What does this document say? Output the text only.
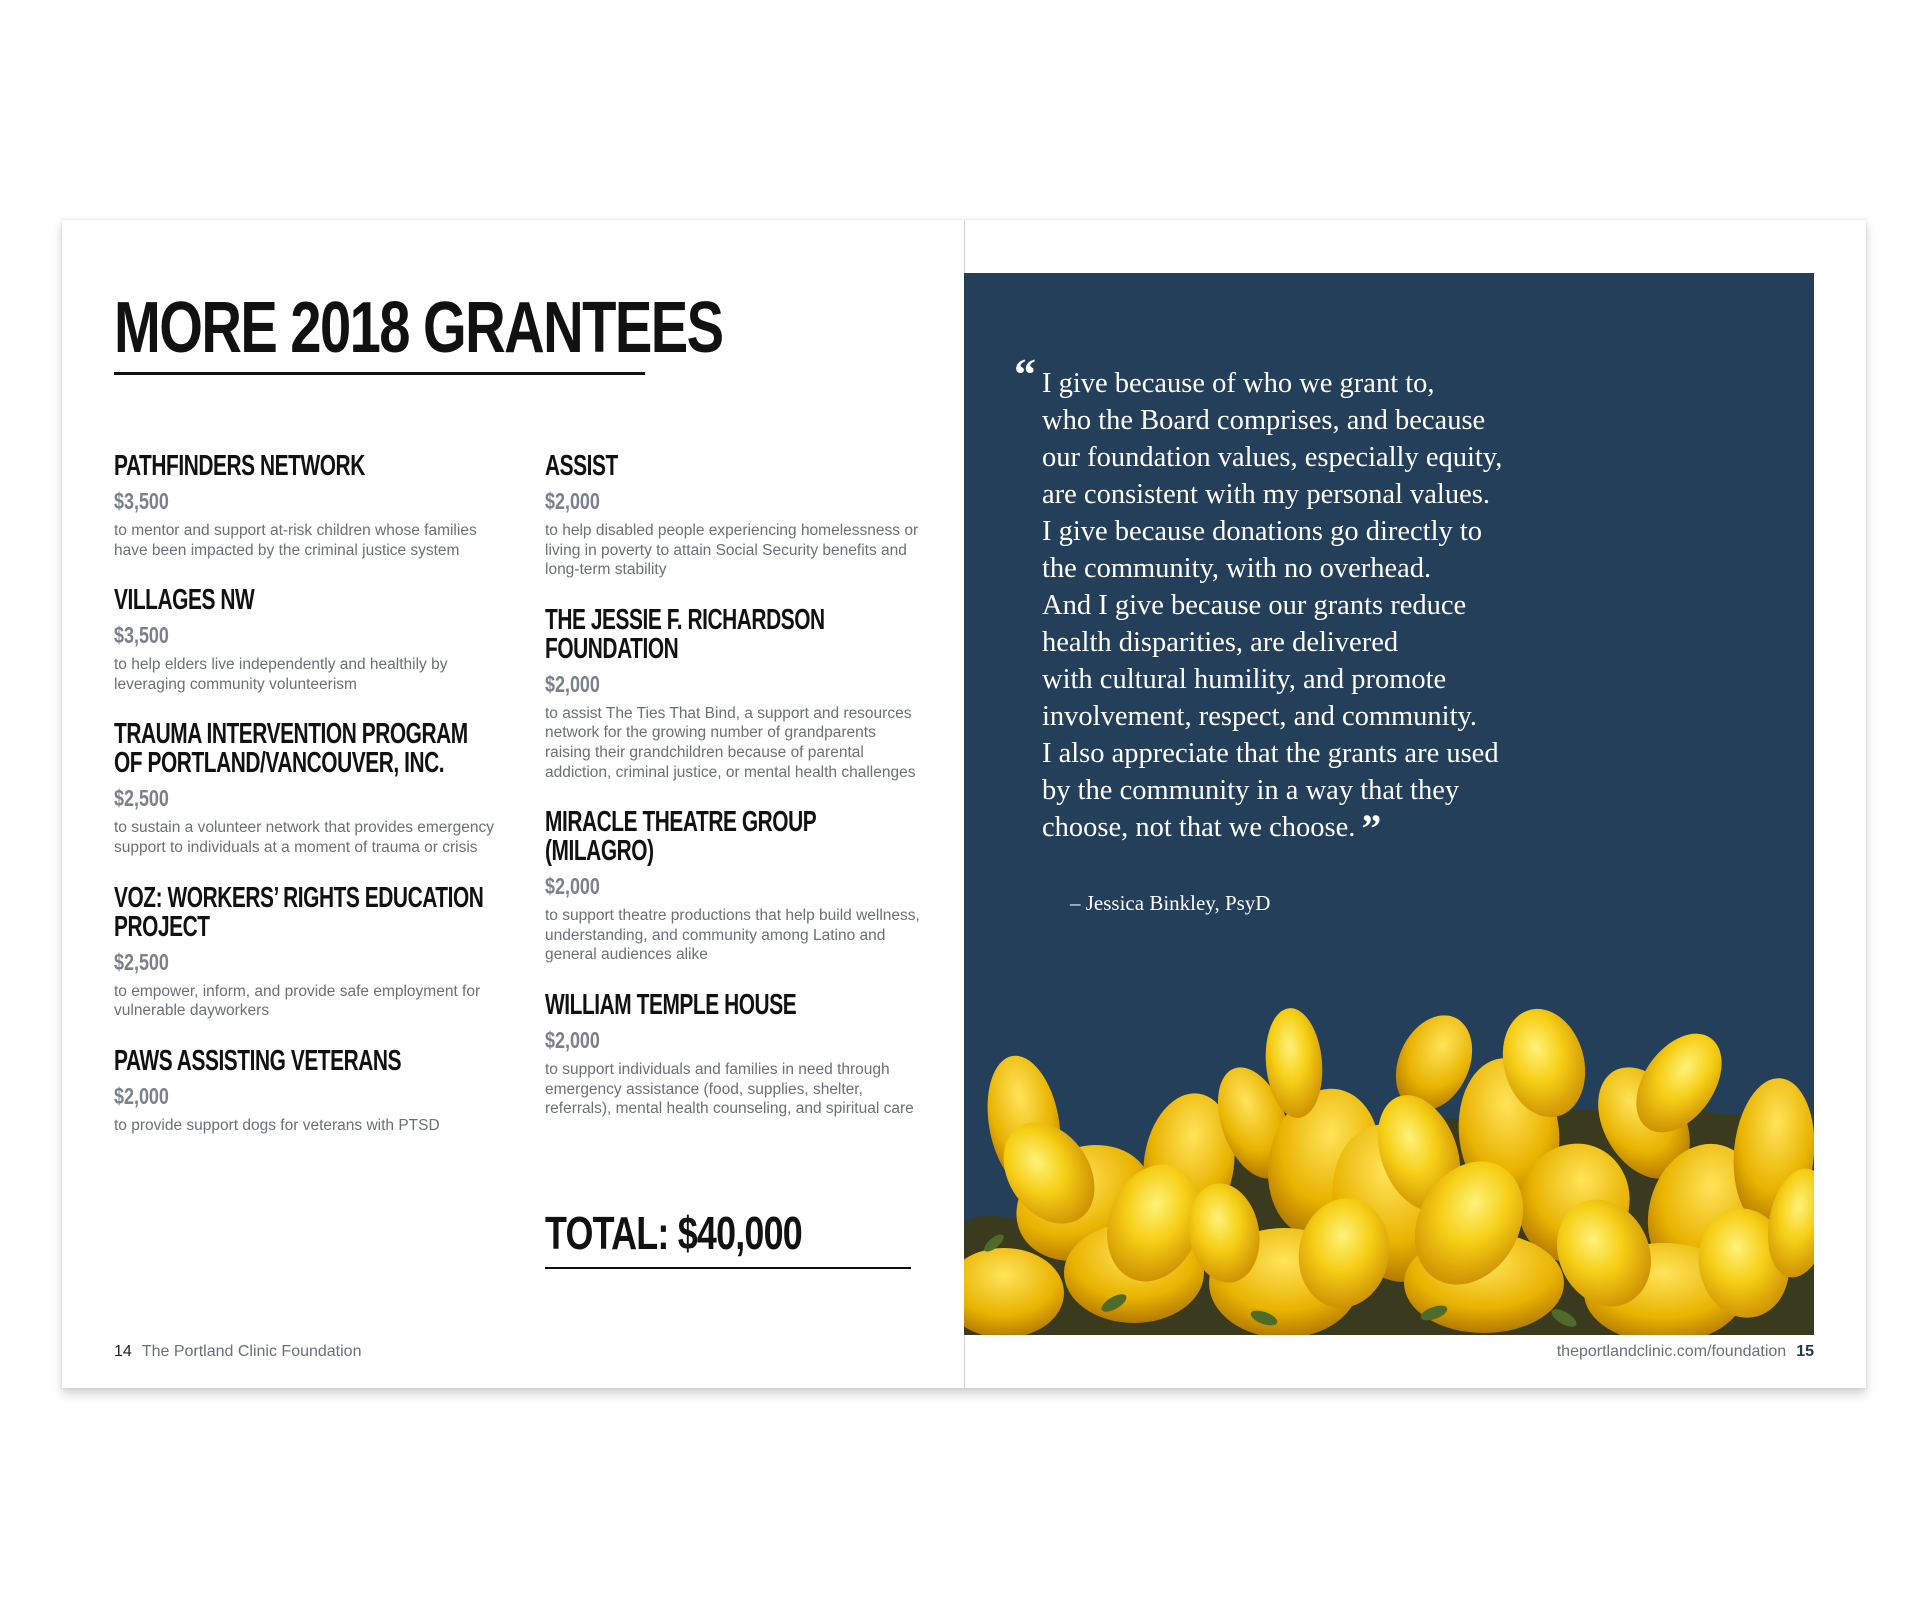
MORE 2018 GRANTEES
PATHFINDERS NETWORK
$3,500
to mentor and support at-risk children whose families have been impacted by the criminal justice system
VILLAGES NW
$3,500
to help elders live independently and healthily by leveraging community volunteerism
TRAUMA INTERVENTION PROGRAM OF PORTLAND/VANCOUVER, INC.
$2,500
to sustain a volunteer network that provides emergency support to individuals at a moment of trauma or crisis
VOZ: WORKERS’ RIGHTS EDUCATION PROJECT
$2,500
to empower, inform, and provide safe employment for vulnerable dayworkers
PAWS ASSISTING VETERANS
$2,000
to provide support dogs for veterans with PTSD
ASSIST
$2,000
to help disabled people experiencing homelessness or living in poverty to attain Social Security benefits and long-term stability
THE JESSIE F. RICHARDSON FOUNDATION
$2,000
to assist The Ties That Bind, a support and resources network for the growing number of grandparents raising their grandchildren because of parental addiction, criminal justice, or mental health challenges
MIRACLE THEATRE GROUP (MILAGRO)
$2,000
to support theatre productions that help build wellness, understanding, and community among Latino and general audiences alike
WILLIAM TEMPLE HOUSE
$2,000
to support individuals and families in need through emergency assistance (food, supplies, shelter, referrals), mental health counseling, and spiritual care
TOTAL: $40,000
14 The Portland Clinic Foundation
“ I give because of who we grant to,
who the Board comprises, and because
our foundation values, especially equity,
are consistent with my personal values.
I give because donations go directly to
the community, with no overhead.
And I give because our grants reduce
health disparities, are delivered
with cultural humility, and promote
involvement, respect, and community.
I also appreciate that the grants are used
by the community in a way that they
choose, not that we choose. ”

– Jessica Binkley, PsyD
theportlandclinic.com/foundation 15
